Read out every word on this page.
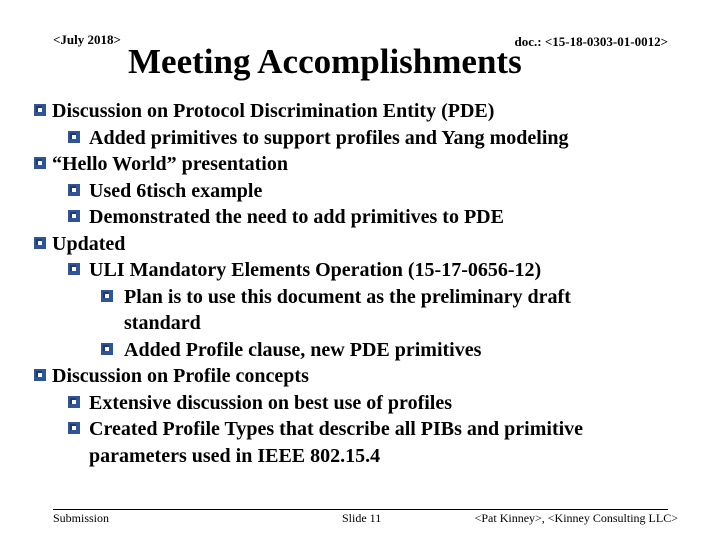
<July 2018>	doc.: <15-18-0303-01-0012>
Meeting Accomplishments
Discussion on Protocol Discrimination Entity (PDE)
Added primitives to support profiles and Yang modeling
“Hello World” presentation
Used 6tisch example
Demonstrated the need to add primitives to PDE
Updated
ULI Mandatory Elements Operation (15-17-0656-12)
Plan is to use this document as the preliminary draft
standard
Added Profile clause, new PDE primitives
Discussion on Profile concepts
Extensive discussion on best use of profiles
Created Profile Types that describe all PIBs and primitive
parameters used in IEEE 802.15.4
Submission	Slide 11	<Pat Kinney>, <Kinney Consulting LLC>
